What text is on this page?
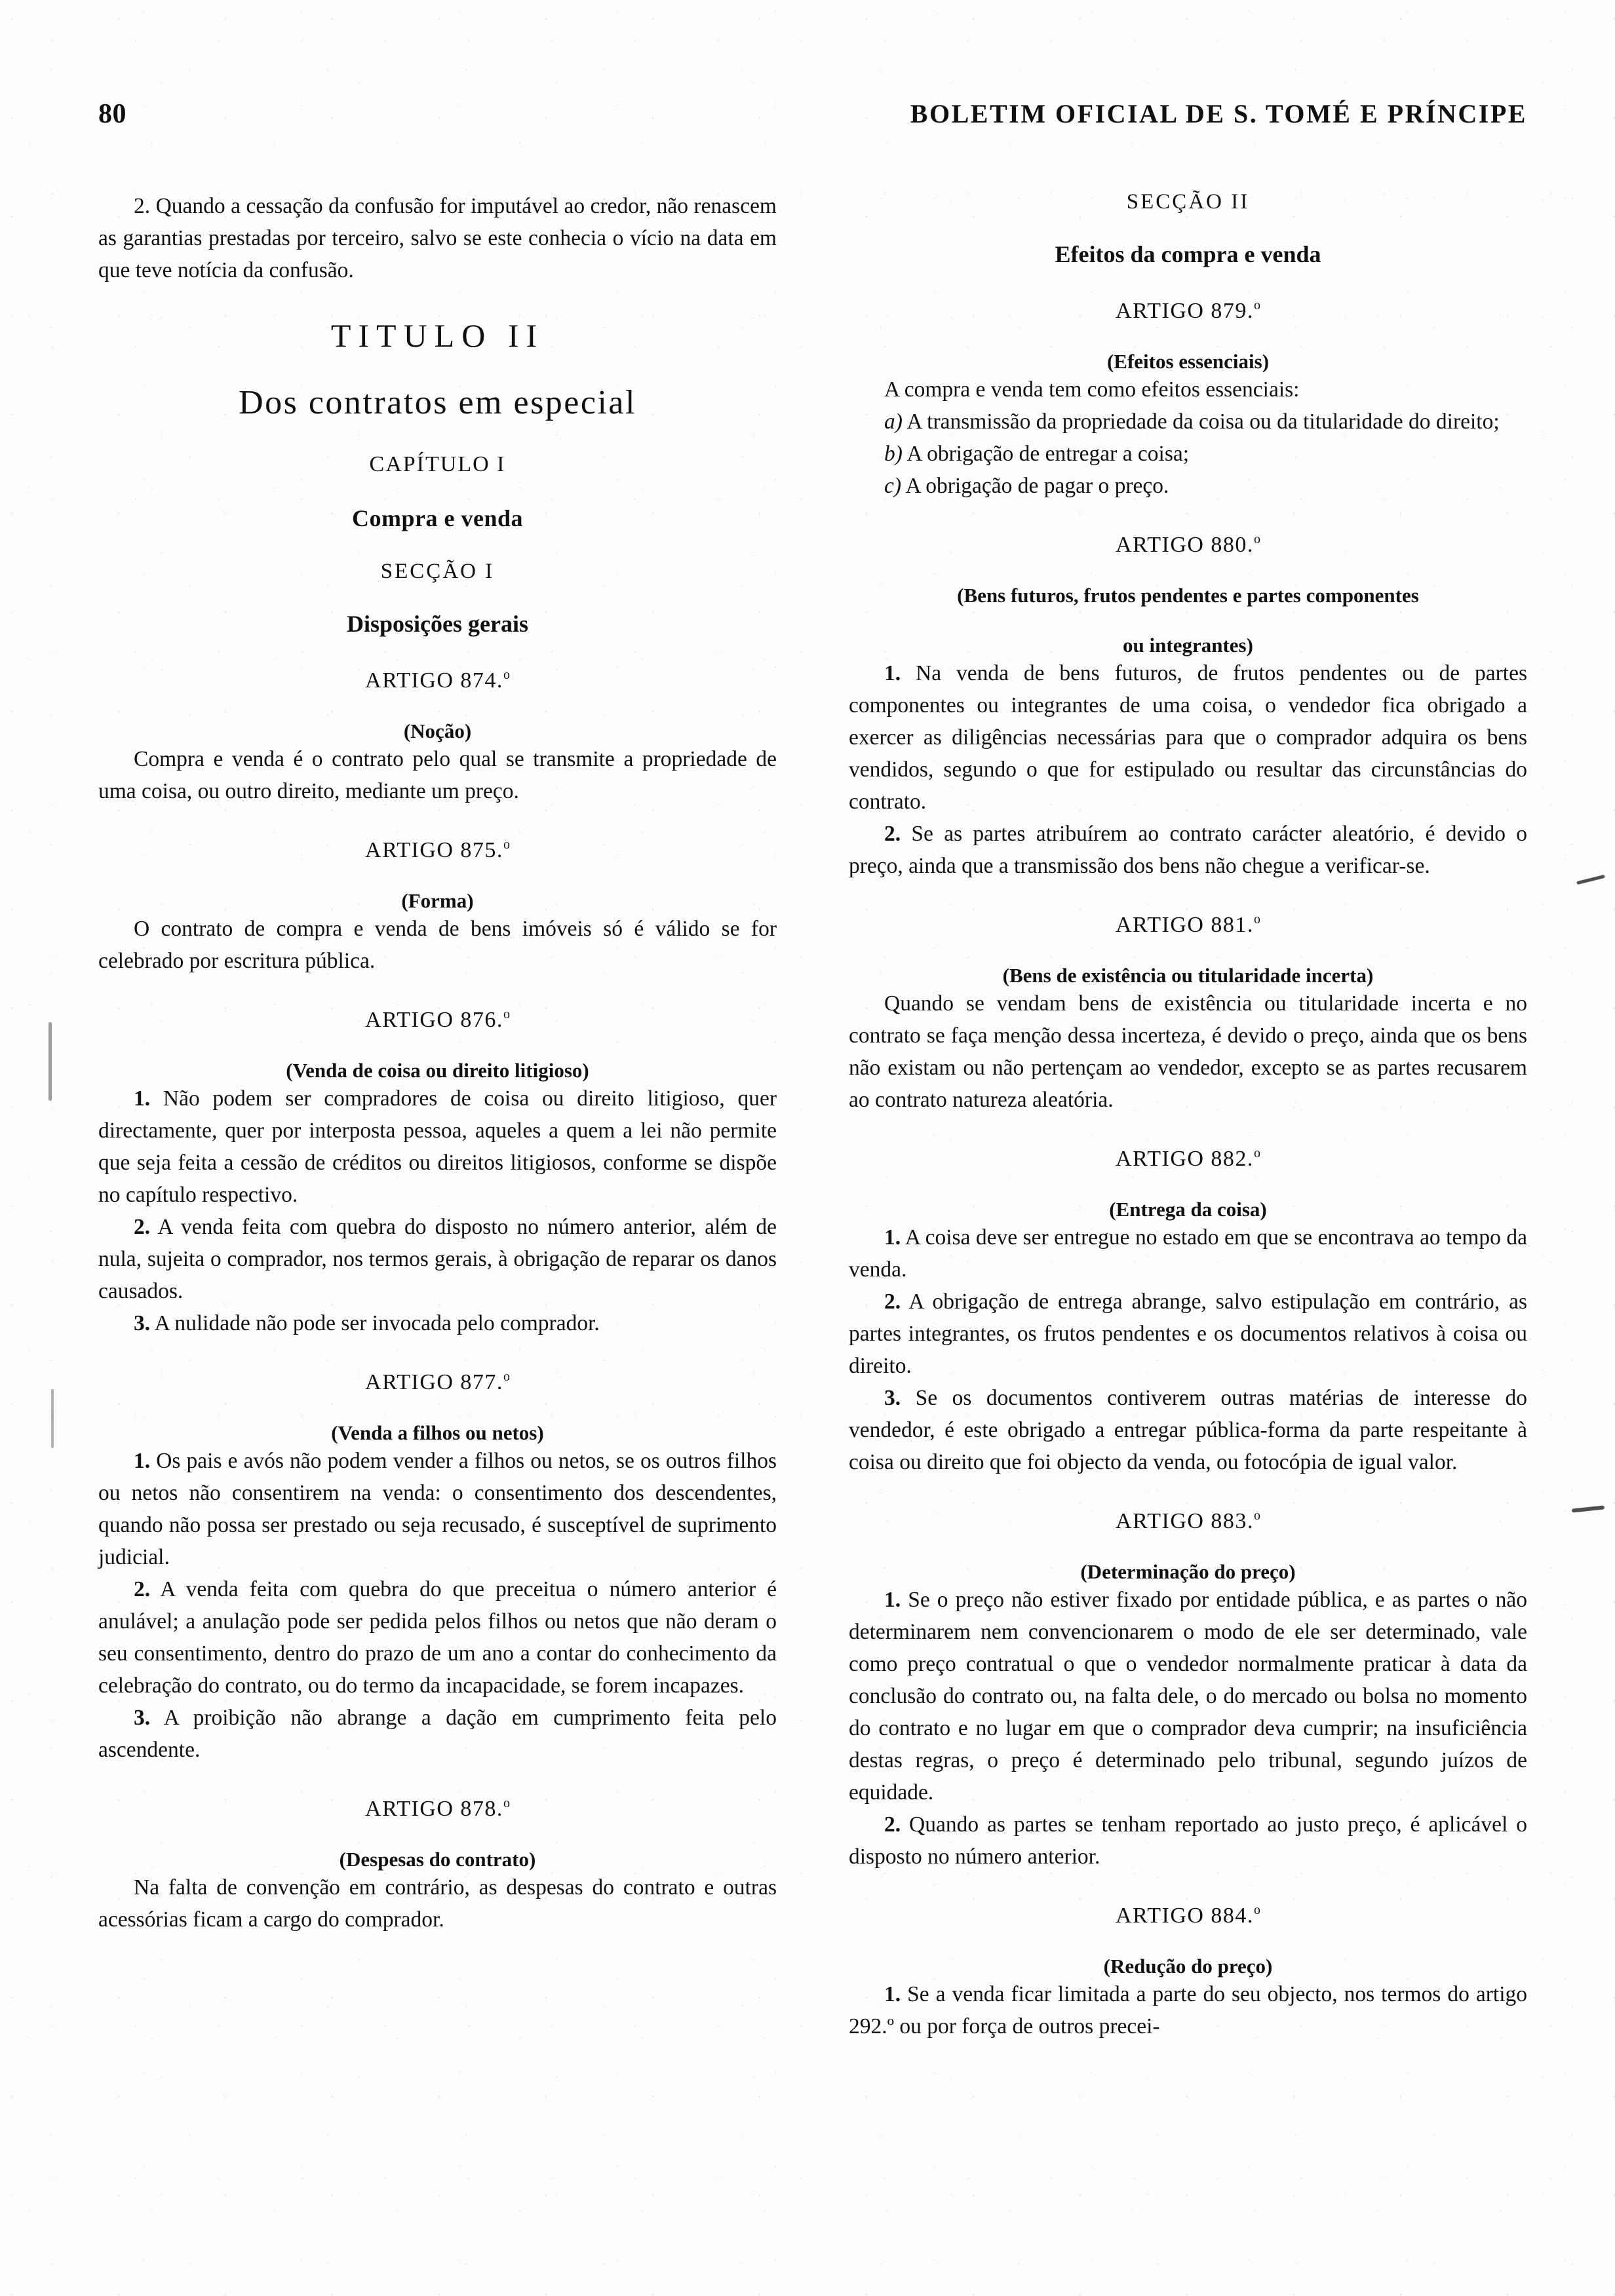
80	BOLETIM OFICIAL DE S. TOMÉ E PRÍNCIPE

2. Quando a cessação da confusão for imputável ao credor, não renascem as garantias prestadas por terceiro, salvo se este conhecia o vício na data em que teve notícia da confusão.

TITULO II
Dos contratos em especial
CAPÍTULO I
Compra e venda
SECÇÃO I
Disposições gerais
ARTIGO 874.$^o$
(Noção)

Compra e venda é o contrato pelo qual se transmite a propriedade de uma coisa, ou outro direito, mediante um preço.

ARTIGO 875.$^o$
(Forma)

O contrato de compra e venda de bens imóveis só é válido se for celebrado por escritura pública.

ARTIGO 876.$^o$
(Venda de coisa ou direito litigioso)

1. Não podem ser compradores de coisa ou direito litigioso, quer directamente, quer por interposta pessoa, aqueles a quem a lei não permite que seja feita a cessão de créditos ou direitos litigiosos, conforme se dispõe no capítulo respectivo.

2. A venda feita com quebra do disposto no número anterior, além de nula, sujeita o comprador, nos termos gerais, à obrigação de reparar os danos causados.

3. A nulidade não pode ser invocada pelo comprador.

ARTIGO 877.$^o$
(Venda a filhos ou netos)

1. Os pais e avós não podem vender a filhos ou netos, se os outros filhos ou netos não consentirem na venda: o consentimento dos descendentes, quando não possa ser prestado ou seja recusado, é susceptível de suprimento judicial.

2. A venda feita com quebra do que preceitua o número anterior é anulável; a anulação pode ser pedida pelos filhos ou netos que não deram o seu consentimento, dentro do prazo de um ano a contar do conhecimento da celebração do contrato, ou do termo da incapacidade, se forem incapazes.

3. A proibição não abrange a dação em cumprimento feita pelo ascendente.

ARTIGO 878.$^o$
(Despesas do contrato)

Na falta de convenção em contrário, as despesas do contrato e outras acessórias ficam a cargo do comprador.

SECÇÃO II
Efeitos da compra e venda
ARTIGO 879.$^o$
(Efeitos essenciais)

A compra e venda tem como efeitos essenciais:

a) A transmissão da propriedade da coisa ou da titularidade do direito;

b) A obrigação de entregar a coisa;

c) A obrigação de pagar o preço.

ARTIGO 880.$^o$
(Bens futuros, frutos pendentes e partes componentes
ou integrantes)

1. Na venda de bens futuros, de frutos pendentes ou de partes componentes ou integrantes de uma coisa, o vendedor fica obrigado a exercer as diligências necessárias para que o comprador adquira os bens vendidos, segundo o que for estipulado ou resultar das circunstâncias do contrato.

2. Se as partes atribuírem ao contrato carácter aleatório, é devido o preço, ainda que a transmissão dos bens não chegue a verificar-se.

ARTIGO 881.$^o$
(Bens de existência ou titularidade incerta)

Quando se vendam bens de existência ou titularidade incerta e no contrato se faça menção dessa incerteza, é devido o preço, ainda que os bens não existam ou não pertençam ao vendedor, excepto se as partes recusarem ao contrato natureza aleatória.

ARTIGO 882.$^o$
(Entrega da coisa)

1. A coisa deve ser entregue no estado em que se encontrava ao tempo da venda.

2. A obrigação de entrega abrange, salvo estipulação em contrário, as partes integrantes, os frutos pendentes e os documentos relativos à coisa ou direito.

3. Se os documentos contiverem outras matérias de interesse do vendedor, é este obrigado a entregar pública-forma da parte respeitante à coisa ou direito que foi objecto da venda, ou fotocópia de igual valor.

ARTIGO 883.$^o$
(Determinação do preço)

1. Se o preço não estiver fixado por entidade pública, e as partes o não determinarem nem convencionarem o modo de ele ser determinado, vale como preço contratual o que o vendedor normalmente praticar à data da conclusão do contrato ou, na falta dele, o do mercado ou bolsa no momento do contrato e no lugar em que o comprador deva cumprir; na insuficiência destas regras, o preço é determinado pelo tribunal, segundo juízos de equidade.

2. Quando as partes se tenham reportado ao justo preço, é aplicável o disposto no número anterior.

ARTIGO 884.$^o$
(Redução do preço)

1. Se a venda ficar limitada a parte do seu objecto, nos termos do artigo 292.º ou por força de outros precei-
